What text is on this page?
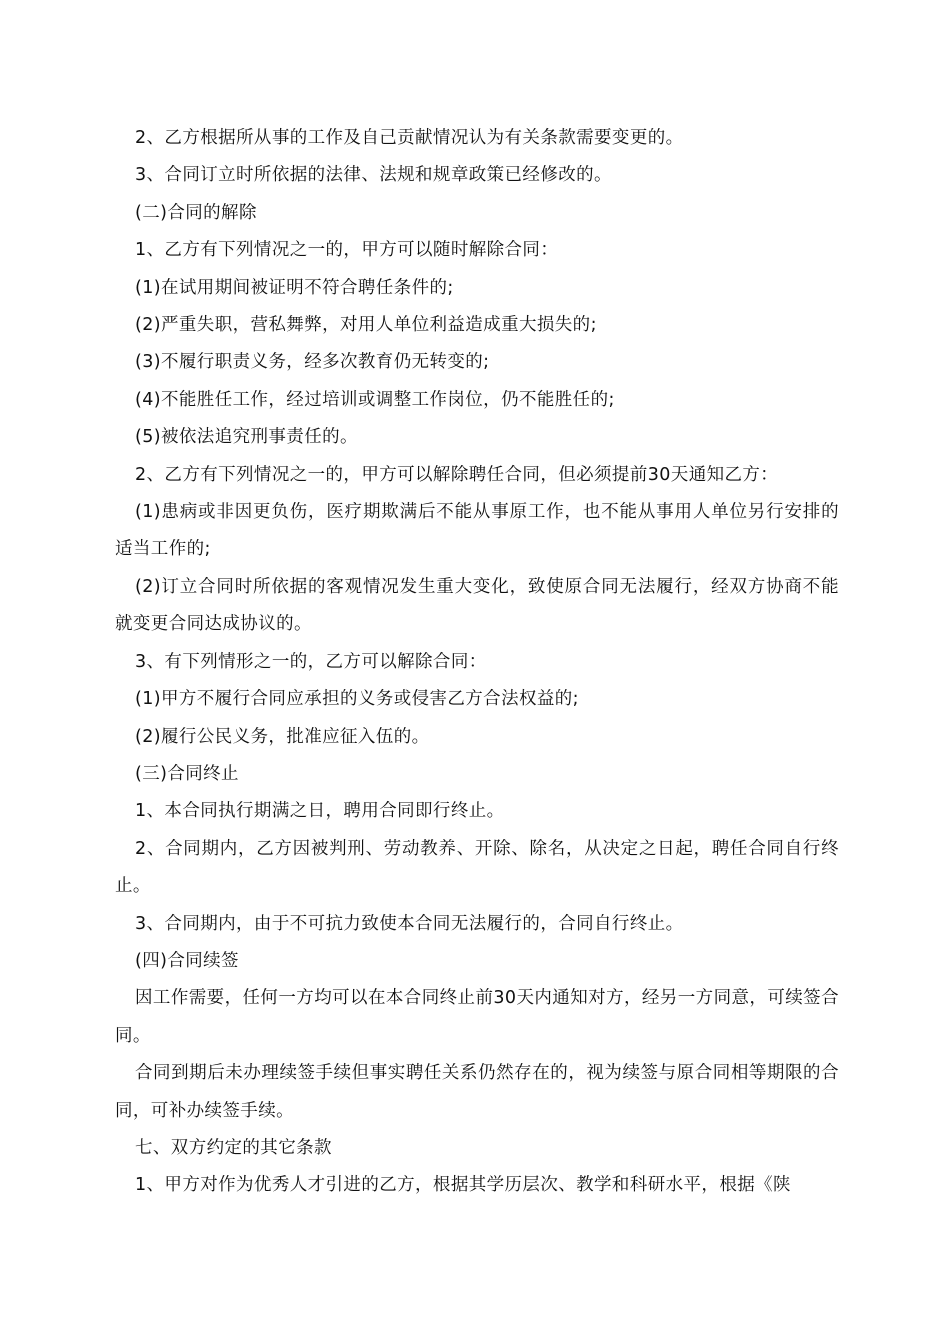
2、乙方根据所从事的工作及自己贡献情况认为有关条款需要变更的。

3、合同订立时所依据的法律、法规和规章政策已经修改的。

(二)合同的解除

1、乙方有下列情况之一的，甲方可以随时解除合同：

(1)在试用期间被证明不符合聘任条件的;

(2)严重失职，营私舞弊，对用人单位利益造成重大损失的;

(3)不履行职责义务，经多次教育仍无转变的;

(4)不能胜任工作，经过培训或调整工作岗位，仍不能胜任的;

(5)被依法追究刑事责任的。

2、乙方有下列情况之一的，甲方可以解除聘任合同，但必须提前30天通知乙方：

(1)患病或非因更负伤，医疗期欺满后不能从事原工作，也不能从事用人单位另行安排的适当工作的;

(2)订立合同时所依据的客观情况发生重大变化，致使原合同无法履行，经双方协商不能就变更合同达成协议的。

3、有下列情形之一的，乙方可以解除合同：

(1)甲方不履行合同应承担的义务或侵害乙方合法权益的;

(2)履行公民义务，批准应征入伍的。

(三)合同终止

1、本合同执行期满之日，聘用合同即行终止。

2、合同期内，乙方因被判刑、劳动教养、开除、除名，从决定之日起，聘任合同自行终止。

3、合同期内，由于不可抗力致使本合同无法履行的，合同自行终止。

(四)合同续签

因工作需要，任何一方均可以在本合同终止前30天内通知对方，经另一方同意，可续签合同。

合同到期后未办理续签手续但事实聘任关系仍然存在的，视为续签与原合同相等期限的合同，可补办续签手续。

七、双方约定的其它条款

1、甲方对作为优秀人才引进的乙方，根据其学历层次、教学和科研水平，根据《陕
